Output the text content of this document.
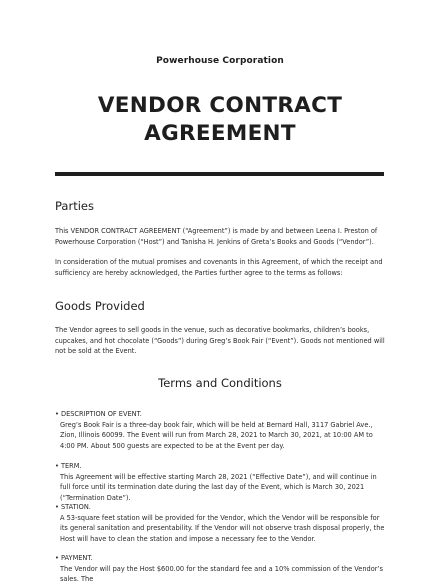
Powerhouse Corporation
VENDOR CONTRACT
AGREEMENT
Parties
This VENDOR CONTRACT AGREEMENT (“Agreement”) is made by and between Leena I. Preston of Powerhouse Corporation (“Host”) and Tanisha H. Jenkins of Greta’s Books and Goods (“Vendor”).
In consideration of the mutual promises and covenants in this Agreement, of which the receipt and sufficiency are hereby acknowledged, the Parties further agree to the terms as follows:
Goods Provided
The Vendor agrees to sell goods in the venue, such as decorative bookmarks, children’s books, cupcakes, and hot chocolate (“Goods”) during Greg’s Book Fair (“Event”). Goods not mentioned will not be sold at the Event.
Terms and Conditions
• DESCRIPTION OF EVENT.
Greg’s Book Fair is a three-day book fair, which will be held at Bernard Hall, 3117 Gabriel Ave., Zion, Illinois 60099. The Event will run from March 28, 2021 to March 30, 2021, at 10:00 AM to 4:00 PM. About 500 guests are expected to be at the Event per day.
• TERM.
This Agreement will be effective starting March 28, 2021 (“Effective Date”), and will continue in full force until its termination date during the last day of the Event, which is March 30, 2021 (“Termination Date”).
• STATION.
A 53-square feet station will be provided for the Vendor, which the Vendor will be responsible for its general sanitation and presentability. If the Vendor will not observe trash disposal properly, the Host will have to clean the station and impose a necessary fee to the Vendor.
• PAYMENT.
The Vendor will pay the Host $600.00 for the standard fee and a 10% commission of the Vendor’s sales. The
